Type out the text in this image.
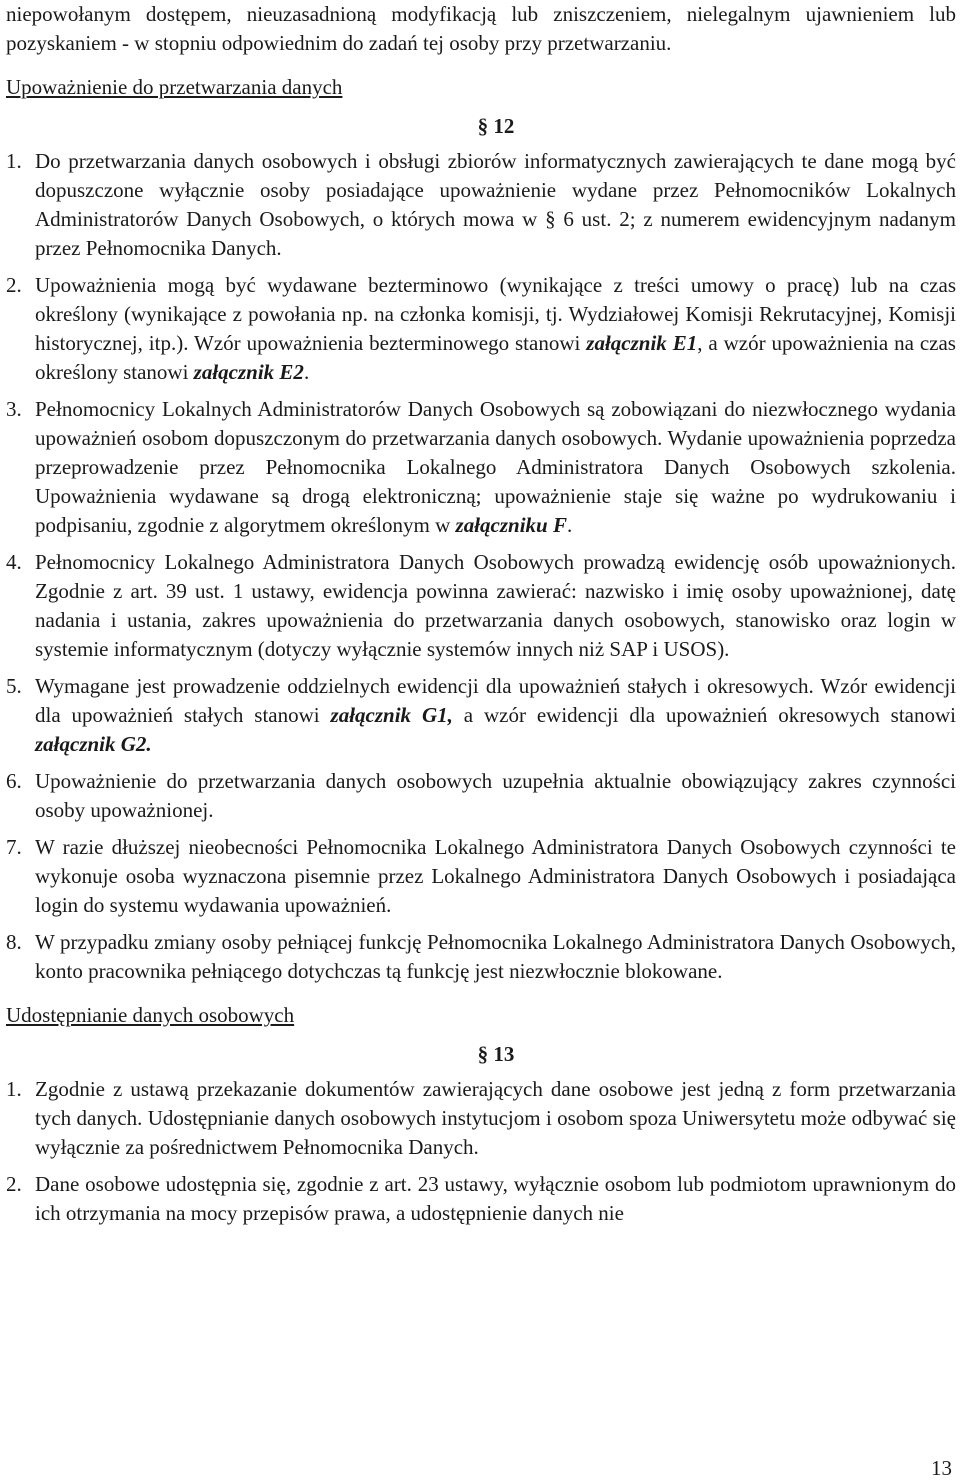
niepowołanym dostępem, nieuzasadnioną modyfikacją lub zniszczeniem, nielegalnym ujawnieniem lub pozyskaniem - w stopniu odpowiednim do zadań tej osoby przy przetwarzaniu.

Upoważnienie do przetwarzania danych
§ 12
1. Do przetwarzania danych osobowych i obsługi zbiorów informatycznych zawierających te dane mogą być dopuszczone wyłącznie osoby posiadające upoważnienie wydane przez Pełnomocników Lokalnych Administratorów Danych Osobowych, o których mowa w § 6 ust. 2; z numerem ewidencyjnym nadanym przez Pełnomocnika Danych.
2. Upoważnienia mogą być wydawane bezterminowo (wynikające z treści umowy o pracę) lub na czas określony (wynikające z powołania np. na członka komisji, tj. Wydziałowej Komisji Rekrutacyjnej, Komisji historycznej, itp.). Wzór upoważnienia bezterminowego stanowi załącznik E1, a wzór upoważnienia na czas określony stanowi załącznik E2.
3. Pełnomocnicy Lokalnych Administratorów Danych Osobowych są zobowiązani do niezwłocznego wydania upoważnień osobom dopuszczonym do przetwarzania danych osobowych. Wydanie upoważnienia poprzedza przeprowadzenie przez Pełnomocnika Lokalnego Administratora Danych Osobowych szkolenia. Upoważnienia wydawane są drogą elektroniczną; upoważnienie staje się ważne po wydrukowaniu i podpisaniu, zgodnie z algorytmem określonym w załączniku F.
4. Pełnomocnicy Lokalnego Administratora Danych Osobowych prowadzą ewidencję osób upoważnionych. Zgodnie z art. 39 ust. 1 ustawy, ewidencja powinna zawierać: nazwisko i imię osoby upoważnionej, datę nadania i ustania, zakres upoważnienia do przetwarzania danych osobowych, stanowisko oraz login w systemie informatycznym (dotyczy wyłącznie systemów innych niż SAP i USOS).
5. Wymagane jest prowadzenie oddzielnych ewidencji dla upoważnień stałych i okresowych. Wzór ewidencji dla upoważnień stałych stanowi załącznik G1, a wzór ewidencji dla upoważnień okresowych stanowi załącznik G2.
6. Upoważnienie do przetwarzania danych osobowych uzupełnia aktualnie obowiązujący zakres czynności osoby upoważnionej.
7. W razie dłuższej nieobecności Pełnomocnika Lokalnego Administratora Danych Osobowych czynności te wykonuje osoba wyznaczona pisemnie przez Lokalnego Administratora Danych Osobowych i posiadająca login do systemu wydawania upoważnień.
8. W przypadku zmiany osoby pełniącej funkcję Pełnomocnika Lokalnego Administratora Danych Osobowych, konto pracownika pełniącego dotychczas tą funkcję jest niezwłocznie blokowane.
Udostępnianie danych osobowych
§ 13
1. Zgodnie z ustawą przekazanie dokumentów zawierających dane osobowe jest jedną z form przetwarzania tych danych. Udostępnianie danych osobowych instytucjom i osobom spoza Uniwersytetu może odbywać się wyłącznie za pośrednictwem Pełnomocnika Danych.
2. Dane osobowe udostępnia się, zgodnie z art. 23 ustawy, wyłącznie osobom lub podmiotom uprawnionym do ich otrzymania na mocy przepisów prawa, a udostępnienie danych nie
13
